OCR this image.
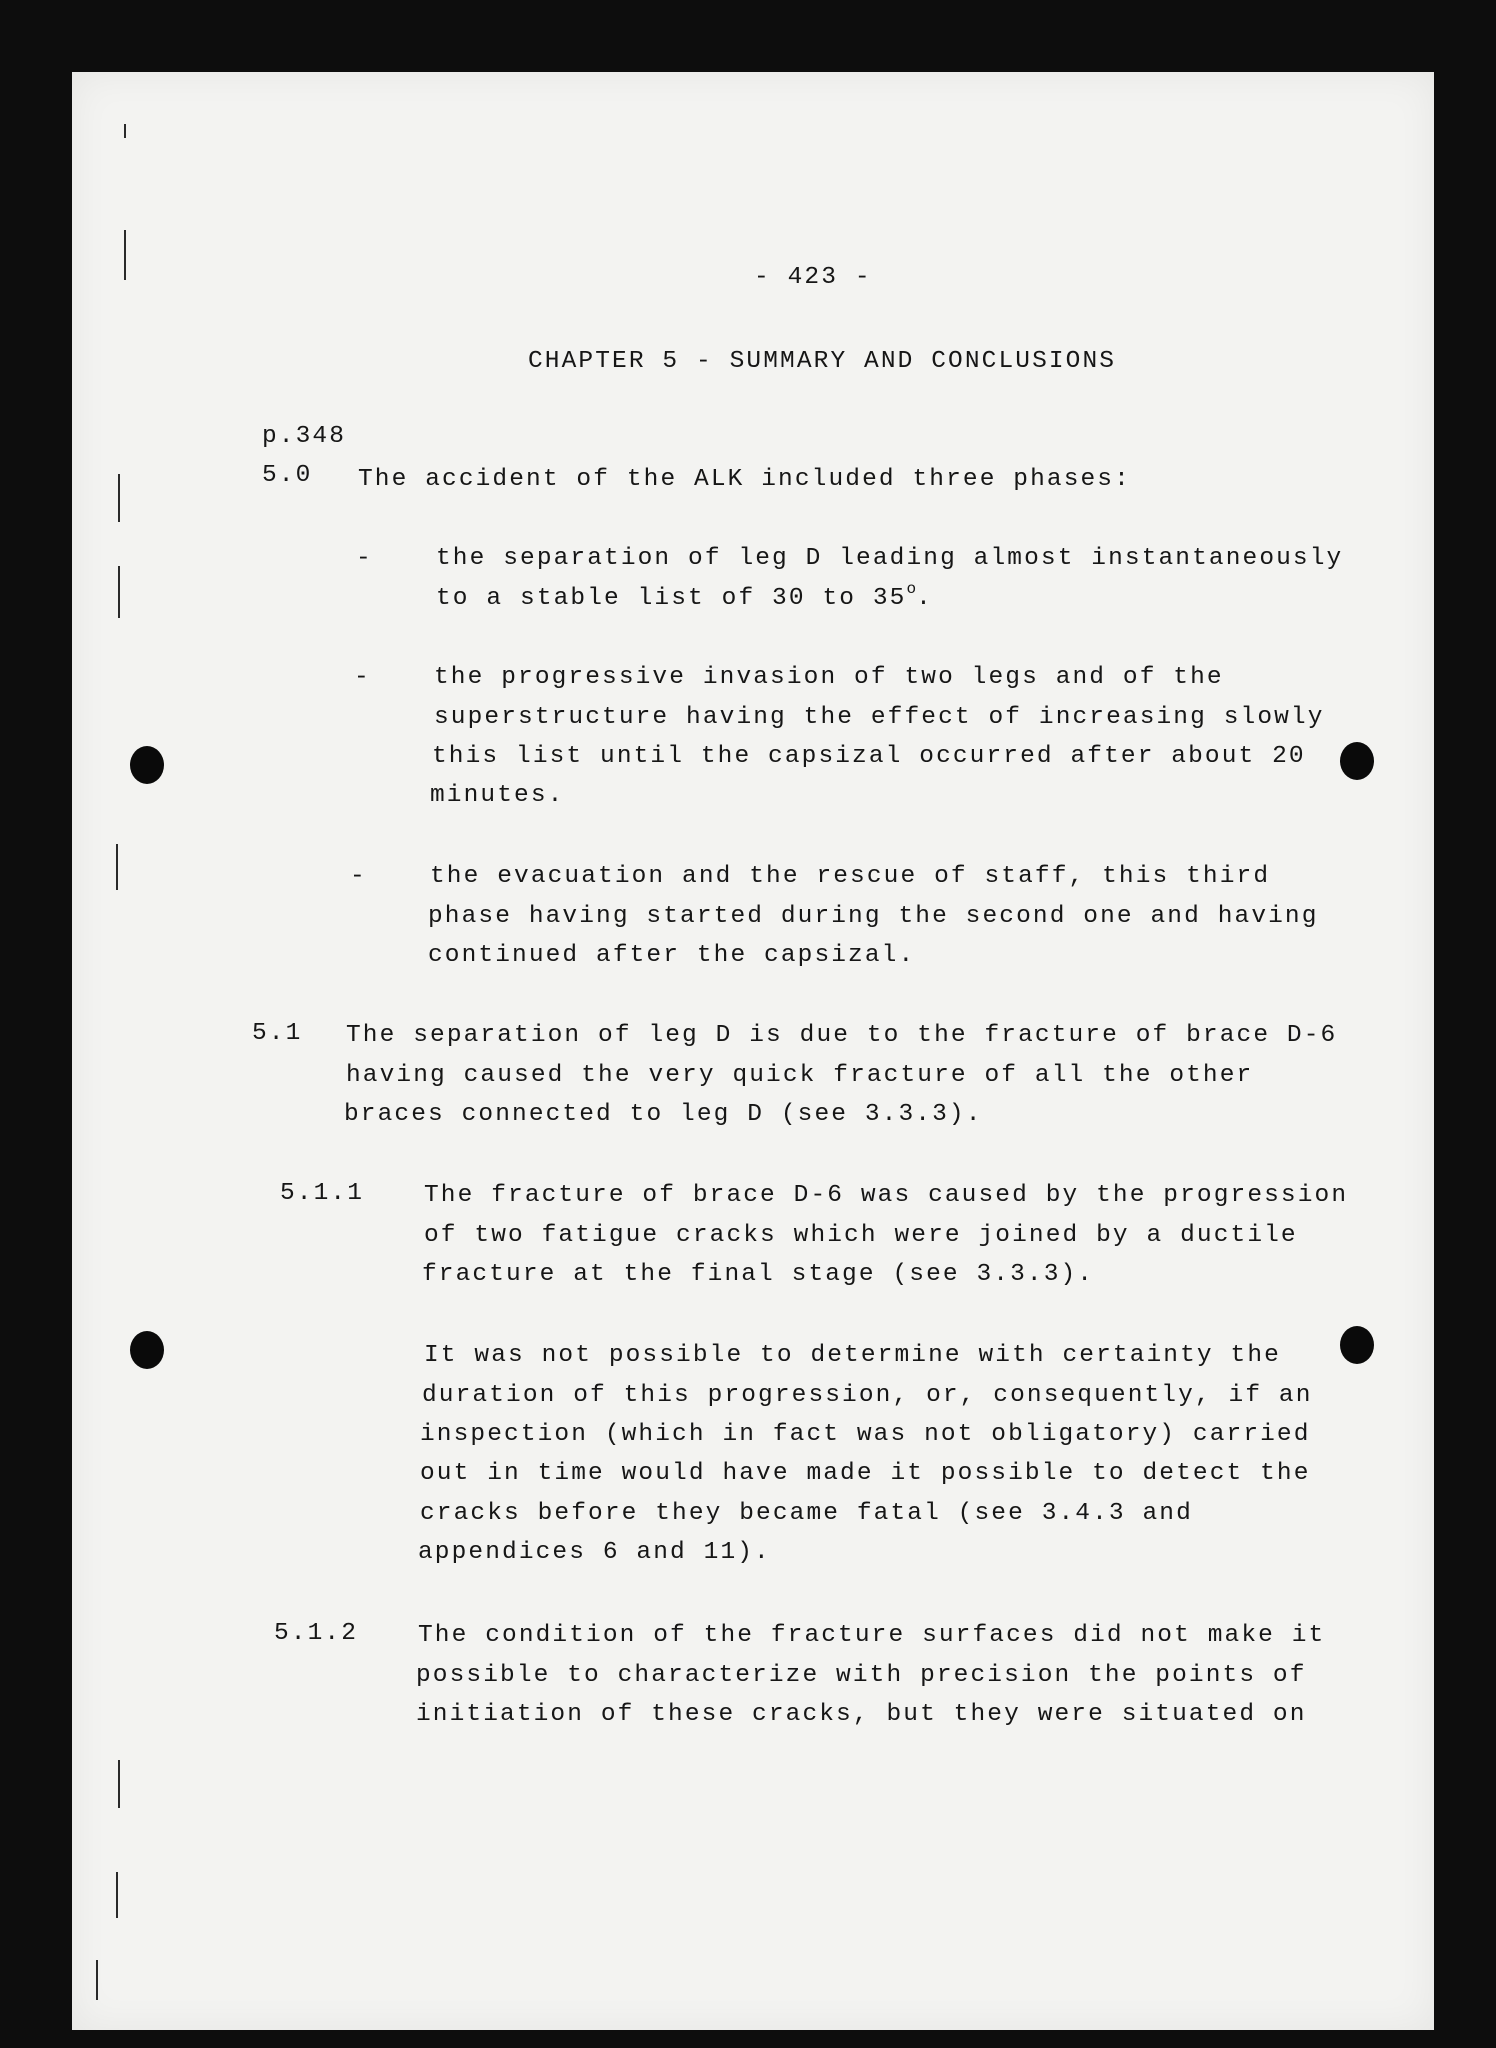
- 423 -
CHAPTER 5 - SUMMARY AND CONCLUSIONS
p.348
5.0 The accident of the ALK included three phases:
-	the separation of leg D leading almost instantaneously
to a stable list of 30 to 35$^o$.
-	the progressive invasion of two legs and of the
superstructure having the effect of increasing slowly
this list until the capsizal occurred after about 20
minutes.
-	the evacuation and the rescue of staff, this third
phase having started during the second one and having
continued after the capsizal.
5.1 The separation of leg D is due to the fracture of brace D-6
having caused the very quick fracture of all the other
braces connected to leg D (see 3.3.3).
5.1.1 The fracture of brace D-6 was caused by the progression
of two fatigue cracks which were joined by a ductile
fracture at the final stage (see 3.3.3).
It was not possible to determine with certainty the
duration of this progression, or, consequently, if an
inspection (which in fact was not obligatory) carried
out in time would have made it possible to detect the
cracks before they became fatal (see 3.4.3 and
appendices 6 and 11).
5.1.2 The condition of the fracture surfaces did not make it
possible to characterize with precision the points of
initiation of these cracks, but they were situated on
